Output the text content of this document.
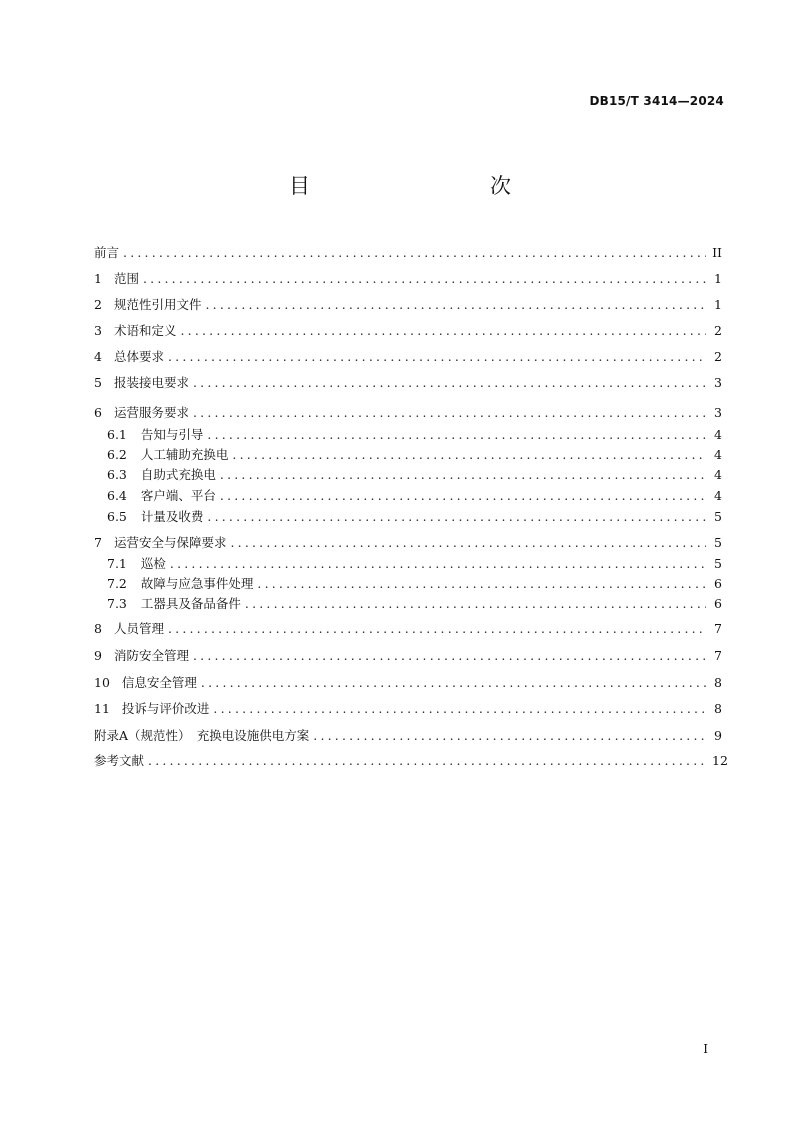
DB15/T 3414—2024
目　　次
前言 .....	II
1 范围 .....	1
2 规范性引用文件 .....	1
3 术语和定义 .....	2
4 总体要求 .....	2
5 报装接电要求 .....	3
6 运营服务要求 .....	3
6.1 告知与引导 .....	4
6.2 人工辅助充换电 .....	4
6.3 自助式充换电 .....	4
6.4 客户端、平台 .....	4
6.5 计量及收费 .....	5
7 运营安全与保障要求 .....	5
7.1 巡检 .....	5
7.2 故障与应急事件处理 .....	6
7.3 工器具及备品备件 .....	6
8 人员管理 .....	7
9 消防安全管理 .....	7
10 信息安全管理 .....	8
11 投诉与评价改进 .....	8
附录A（规范性）　充换电设施供电方案 .....	9
参考文献 .....	12
I
